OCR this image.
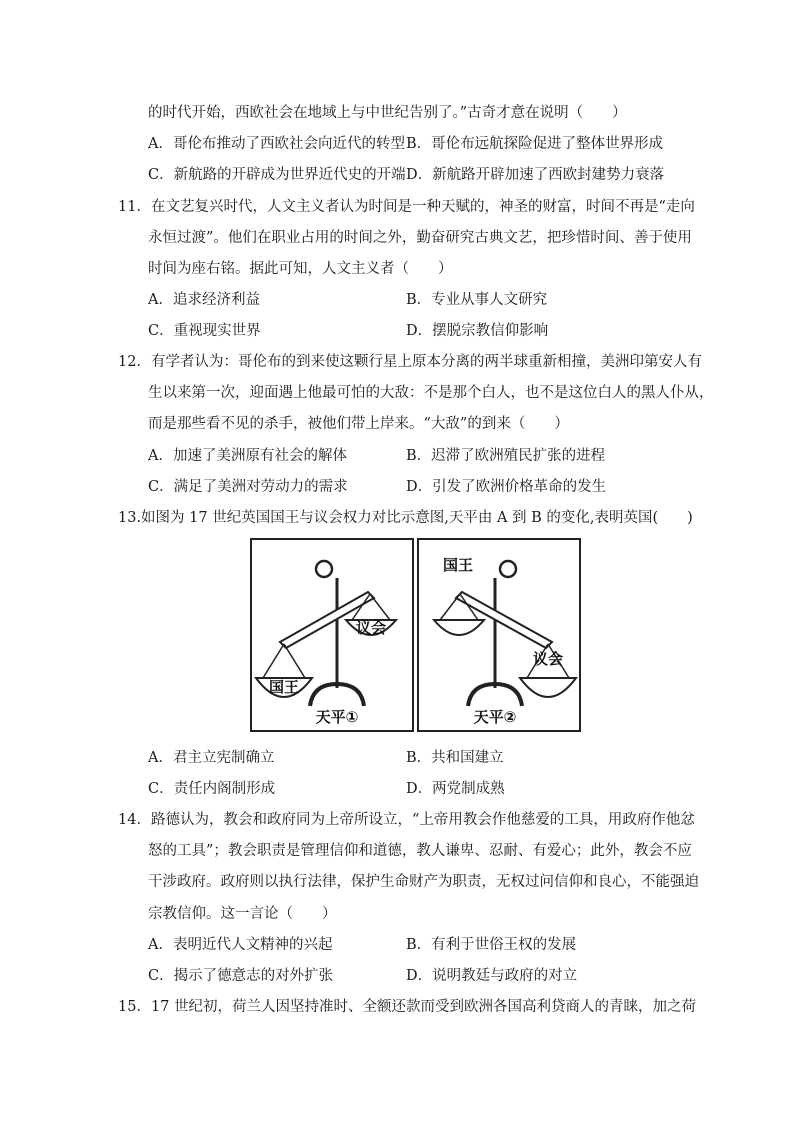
的时代开始，西欧社会在地域上与中世纪告别了。”古奇才意在说明（　　）
A．哥伦布推动了西欧社会向近代的转型 B．哥伦布远航探险促进了整体世界形成
C．新航路的开辟成为世界近代史的开端 D．新航路开辟加速了西欧封建势力衰落
11．在文艺复兴时代，人文主义者认为时间是一种天赋的，神圣的财富，时间不再是“走向
永恒过渡”。他们在职业占用的时间之外，勤奋研究古典文艺，把珍惜时间、善于使用
时间为座右铭。据此可知，人文主义者（　　）
A．追求经济利益	B．专业从事人文研究
C．重视现实世界	D．摆脱宗教信仰影响
12．有学者认为：哥伦布的到来使这颗行星上原本分离的两半球重新相撞，美洲印第安人有
生以来第一次，迎面遇上他最可怕的大敌：不是那个白人，也不是这位白人的黑人仆从，
而是那些看不见的杀手，被他们带上岸来。“大敌”的到来（　　）
A．加速了美洲原有社会的解体	B．迟滞了欧洲殖民扩张的进程
C．满足了美洲对劳动力的需求	D．引发了欧洲价格革命的发生
13.如图为 17 世纪英国国王与议会权力对比示意图,天平由 A 到 B 的变化,表明英国(　　)
议会
国王
天平①
国王
议会
天平②
A．君主立宪制确立	B．共和国建立
C．责任内阁制形成	D．两党制成熟
14．路德认为，教会和政府同为上帝所设立，“上帝用教会作他慈爱的工具，用政府作他忿
怒的工具”；教会职责是管理信仰和道德，教人谦卑、忍耐、有爱心；此外，教会不应
干涉政府。政府则以执行法律，保护生命财产为职责，无权过问信仰和良心，不能强迫
宗教信仰。这一言论（　　）
A．表明近代人文精神的兴起	B．有利于世俗王权的发展
C．揭示了德意志的对外扩张	D．说明教廷与政府的对立
15．17 世纪初，荷兰人因坚持准时、全额还款而受到欧洲各国高利贷商人的青睐，加之荷
